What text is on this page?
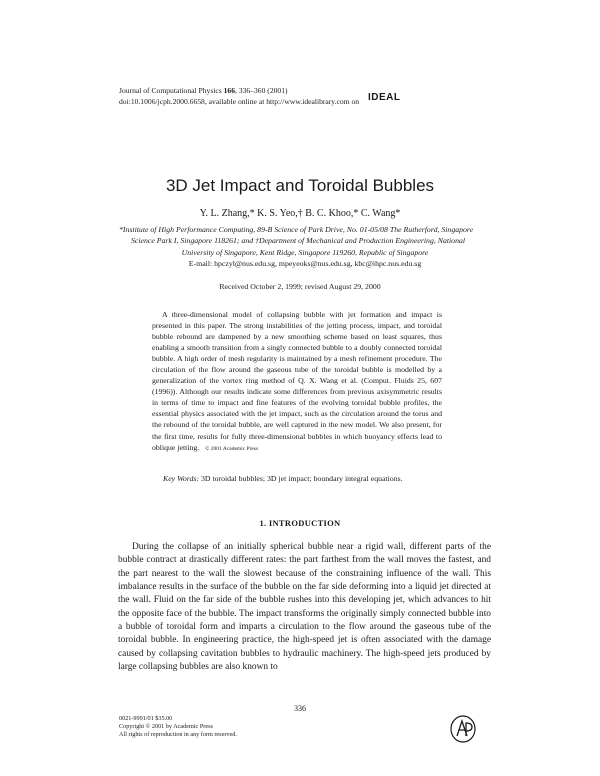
Journal of Computational Physics 166, 336–360 (2001)
doi:10.1006/jcph.2000.6658, available online at http://www.idealibrary.com on IDEAL
3D Jet Impact and Toroidal Bubbles
Y. L. Zhang,* K. S. Yeo,† B. C. Khoo,* C. Wang*
*Institute of High Performance Computing, 89-B Science of Park Drive, No. 01-05/08 The Rutherford, Singapore
Science Park I, Singapore 118261; and †Department of Mechanical and Production Engineering, National
University of Singapore, Kent Ridge, Singapore 119260, Republic of Singapore
E-mail: hpczyl@nus.edu.sg, mpeyeoks@nus.edu.sg, kbc@ihpc.nus.edu.sg
Received October 2, 1999; revised August 29, 2000

A three-dimensional model of collapsing bubble with jet formation and impact is presented in this paper. The strong instabilities of the jetting process, impact, and toroidal bubble rebound are dampened by a new smoothing scheme based on least squares, thus enabling a smooth transition from a singly connected bubble to a doubly connected toroidal bubble. A high order of mesh regularity is maintained by a mesh refinement procedure. The circulation of the flow around the gaseous tube of the toroidal bubble is modelled by a generalization of the vortex ring method of Q. X. Wang et al. (Comput. Fluids 25, 607 (1996)). Although our results indicate some differences from previous axisymmetric results in terms of time to impact and fine features of the evolving toroidal bubble profiles, the essential physics associated with the jet impact, such as the circulation around the torus and the rebound of the toroidal bubble, are well captured in the new model. We also present, for the first time, results for fully three-dimensional bubbles in which buoyancy effects lead to oblique jetting. © 2001 Academic Press

Key Words: 3D toroidal bubbles; 3D jet impact; boundary integral equations.
1. INTRODUCTION

During the collapse of an initially spherical bubble near a rigid wall, different parts of the bubble contract at drastically different rates: the part farthest from the wall moves the fastest, and the part nearest to the wall the slowest because of the constraining influence of the wall. This imbalance results in the surface of the bubble on the far side deforming into a liquid jet directed at the wall. Fluid on the far side of the bubble rushes into this developing jet, which advances to hit the opposite face of the bubble. The impact transforms the originally simply connected bubble into a bubble of toroidal form and imparts a circulation to the flow around the gaseous tube of the toroidal bubble. In engineering practice, the high-speed jet is often associated with the damage caused by collapsing cavitation bubbles to hydraulic machinery. The high-speed jets produced by large collapsing bubbles are also known to

336
0021-9991/01 $35.00
Copyright © 2001 by Academic Press
All rights of reproduction in any form reserved.
